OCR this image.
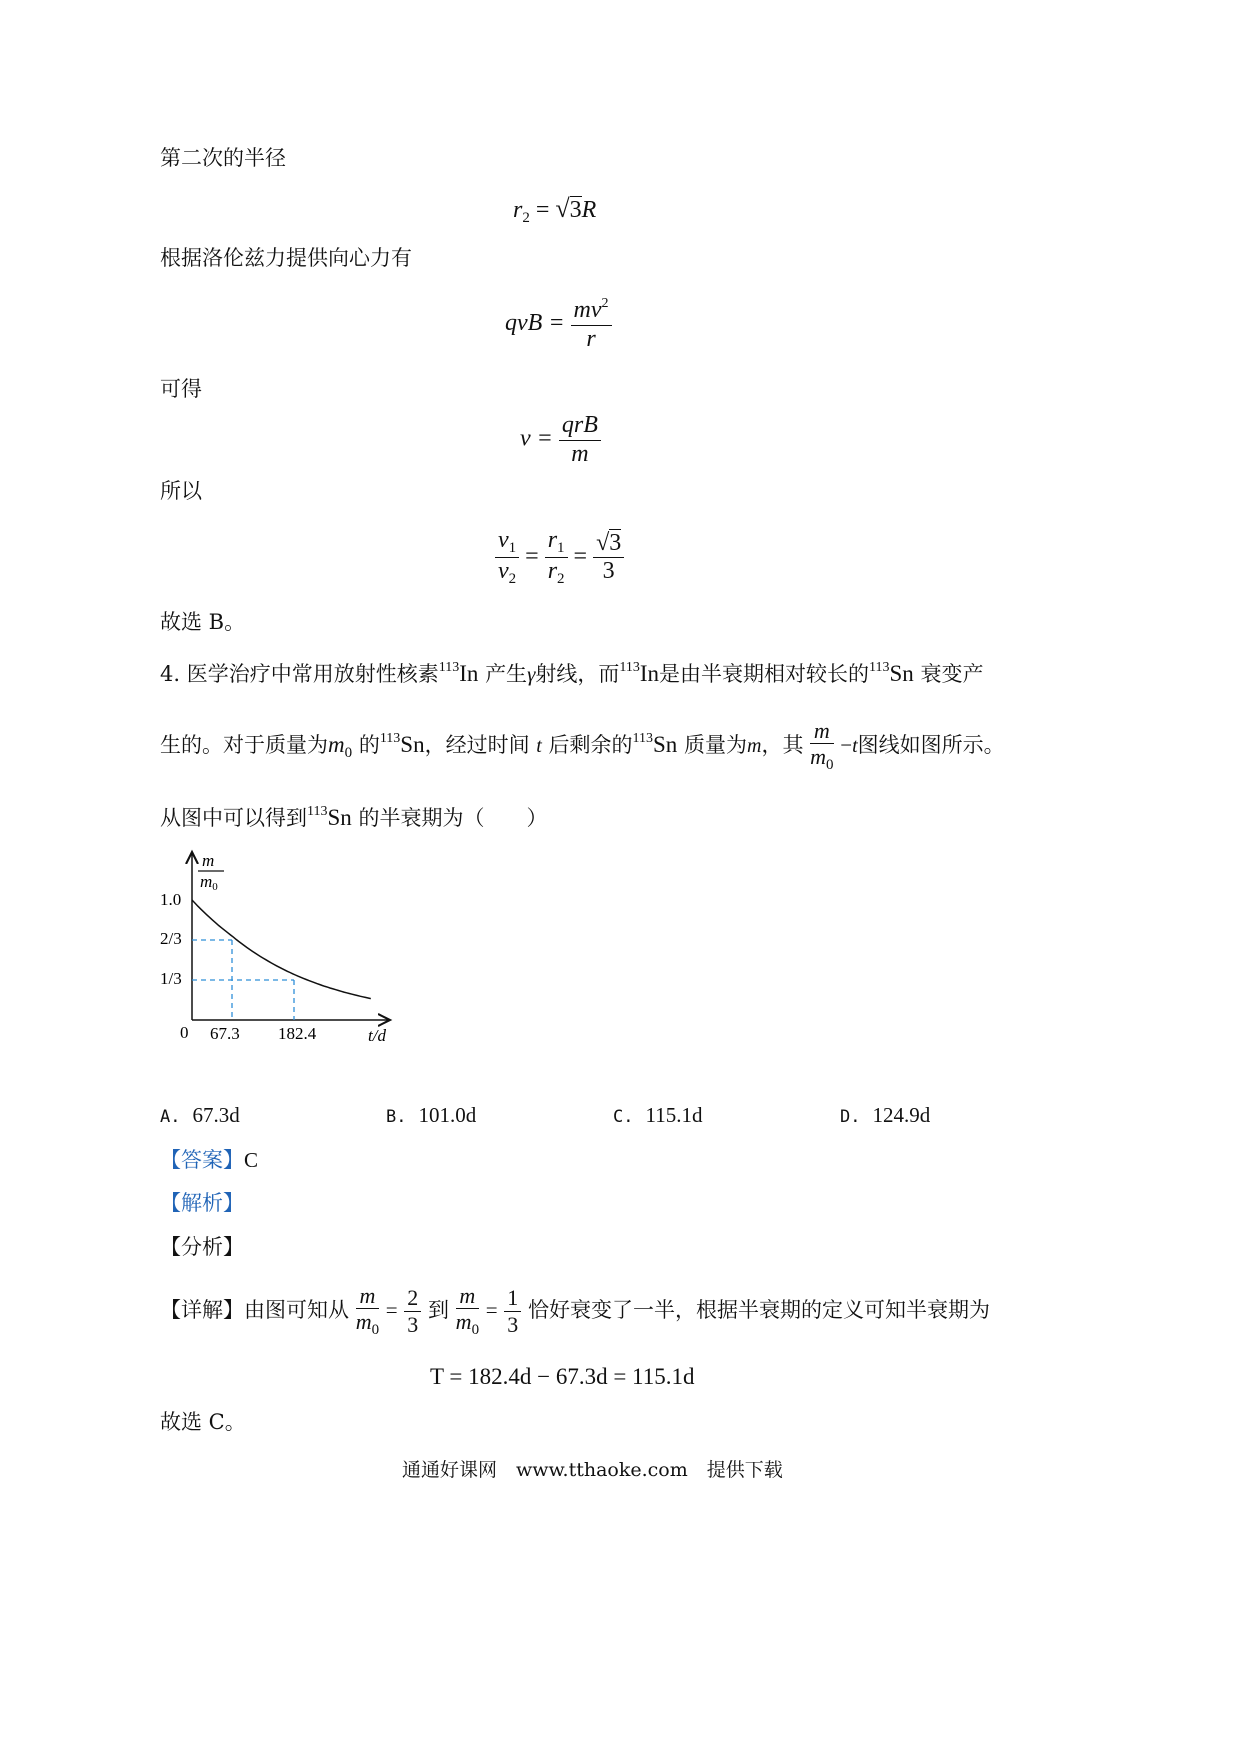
第二次的半径
$r_2 = √3R$
根据洛伦兹力提供向心力有
qvB = $\frac{mv^2}{r}$
可得
$v = \frac{\text{qrB}}{m}$
所以
$\frac{v_1}{v_2} = \frac{r_1}{r_2} = \frac{√3}{3}$
故选 B。
4. 医学治疗中常用放射性核素$^{113}$In 产生γ射线，而$^{113}$In是由半衰期相对较长的$^{113}$Sn 衰变产
生的。对于质量为$m_0$ 的$^{113}$Sn，经过时间 t 后剩余的$^{113}$Sn 质量为m，其 $\frac{m}{m_0} -t$图线如图所示。
从图中可以得到$^{113}$Sn 的半衰期为（　　）
m
m0
1.0
2/3
1/3
0 67.3 182.4	t/d
A. 67.3d	B. 101.0d	C. 115.1d	D. 124.9d
【答案】C
【解析】
【分析】
【详解】由图可知从 $\frac{m}{m_0} = \frac{2}{3}$ 到 $\frac{m}{m_0} = \frac{1}{3}$ 恰好衰变了一半，根据半衰期的定义可知半衰期为
T = 182.4d − 67.3d = 115.1d
故选 C。
通通好课网　www.tthaoke.com　提供下载
